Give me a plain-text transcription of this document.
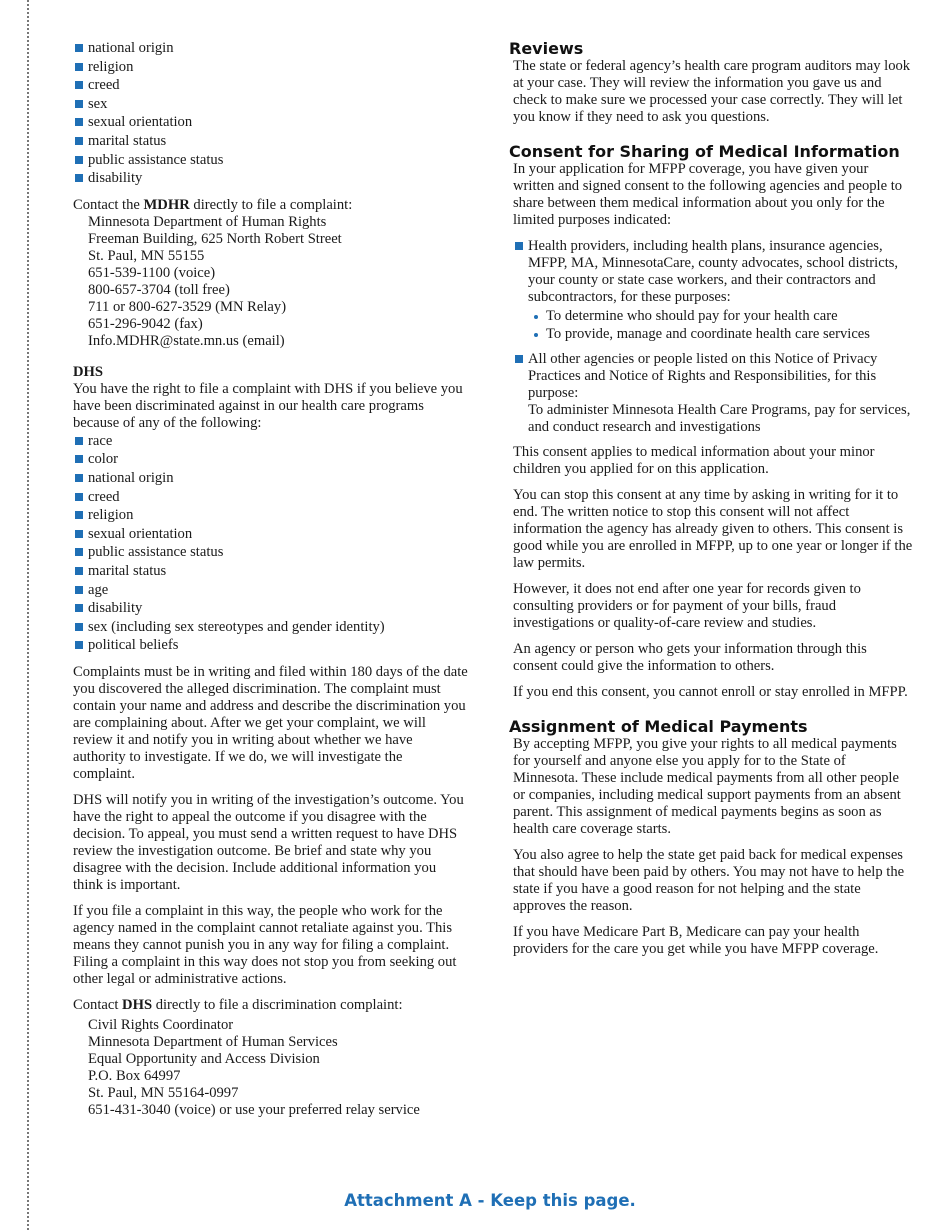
national origin
religion
creed
sex
sexual orientation
marital status
public assistance status
disability

Contact the MDHR directly to file a complaint:

Minnesota Department of Human Rights
Freeman Building, 625 North Robert Street
St. Paul, MN 55155
651-539-1100 (voice)
800-657-3704 (toll free)
711 or 800-627-3529 (MN Relay)
651-296-9042 (fax)
Info.MDHR@state.mn.us (email)
DHS
You have the right to file a complaint with DHS if you believe you have been discriminated against in our health care programs because of any of the following:
race
color
national origin
creed
religion
sexual orientation
public assistance status
marital status
age
disability
sex (including sex stereotypes and gender identity)
political beliefs

Complaints must be in writing and filed within 180 days of the date you discovered the alleged discrimination. The complaint must contain your name and address and describe the discrimination you are complaining about. After we get your complaint, we will review it and notify you in writing about whether we have authority to investigate. If we do, we will investigate the complaint.

DHS will notify you in writing of the investigation’s outcome. You have the right to appeal the outcome if you disagree with the decision. To appeal, you must send a written request to have DHS review the investigation outcome. Be brief and state why you disagree with the decision. Include additional information you think is important.

If you file a complaint in this way, the people who work for the agency named in the complaint cannot retaliate against you. This means they cannot punish you in any way for filing a complaint. Filing a complaint in this way does not stop you from seeking out other legal or administrative actions.

Contact DHS directly to file a discrimination complaint:

Civil Rights Coordinator
Minnesota Department of Human Services
Equal Opportunity and Access Division
P.O. Box 64997
St. Paul, MN 55164-0997
651-431-3040 (voice) or use your preferred relay service
Reviews

The state or federal agency’s health care program auditors may look at your case. They will review the information you gave us and check to make sure we processed your case correctly. They will let you know if they need to ask you questions.

Consent for Sharing of Medical Information

In your application for MFPP coverage, you have given your written and signed consent to the following agencies and people to share between them medical information about you only for the limited purposes indicated:

Health providers, including health plans, insurance agencies, MFPP, MA, MinnesotaCare, county advocates, school districts, your county or state case workers, and their contractors and subcontractors, for these purposes:
To determine who should pay for your health care
To provide, manage and coordinate health care services
All other agencies or people listed on this Notice of Privacy Practices and Notice of Rights and Responsibilities, for this purpose:
To administer Minnesota Health Care Programs, pay for services, and conduct research and investigations

This consent applies to medical information about your minor children you applied for on this application.

You can stop this consent at any time by asking in writing for it to end. The written notice to stop this consent will not affect information the agency has already given to others. This consent is good while you are enrolled in MFPP, up to one year or longer if the law permits.

However, it does not end after one year for records given to consulting providers or for payment of your bills, fraud investigations or quality-of-care review and studies.

An agency or person who gets your information through this consent could give the information to others.

If you end this consent, you cannot enroll or stay enrolled in MFPP.

Assignment of Medical Payments

By accepting MFPP, you give your rights to all medical payments for yourself and anyone else you apply for to the State of Minnesota. These include medical payments from all other people or companies, including medical support payments from an absent parent. This assignment of medical payments begins as soon as health care coverage starts.

You also agree to help the state get paid back for medical expenses that should have been paid by others. You may not have to help the state if you have a good reason for not helping and the state approves the reason.

If you have Medicare Part B, Medicare can pay your health providers for the care you get while you have MFPP coverage.

Attachment A - Keep this page.
